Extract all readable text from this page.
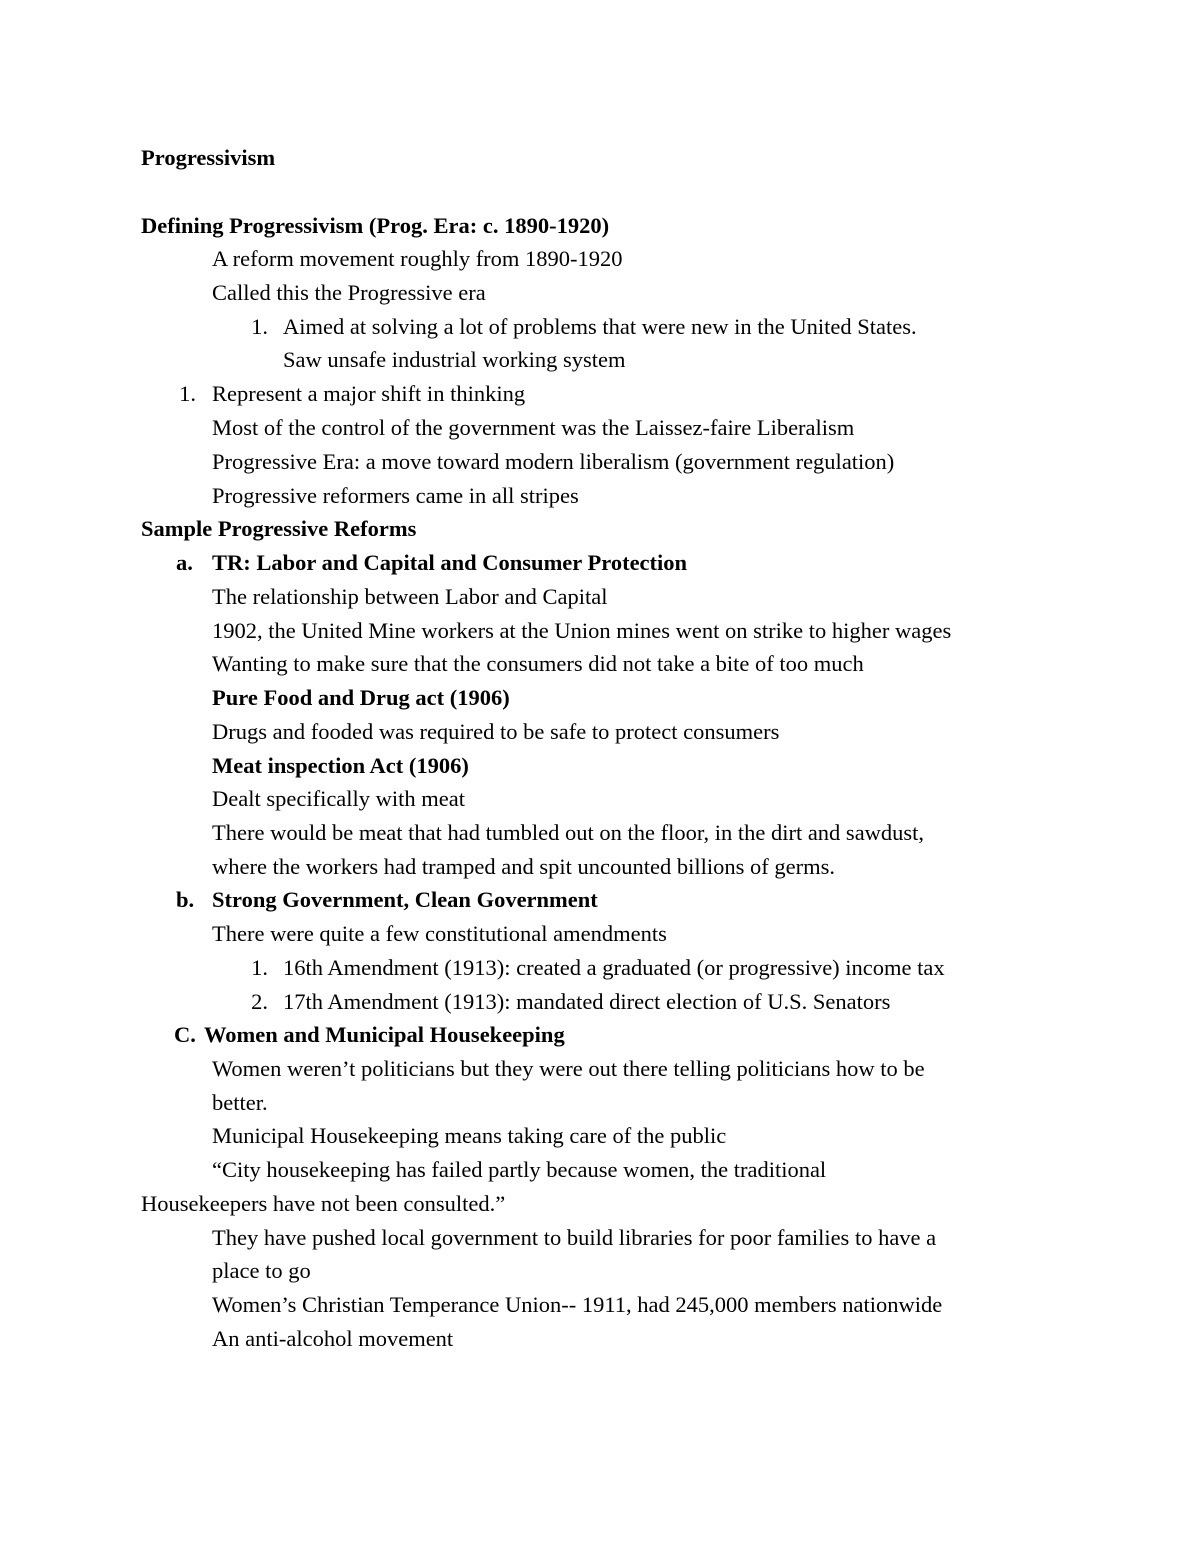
Progressivism
Defining Progressivism (Prog. Era: c. 1890-1920)
A reform movement roughly from 1890-1920
Called this the Progressive era
1. Aimed at solving a lot of problems that were new in the United States.
Saw unsafe industrial working system
1. Represent a major shift in thinking
Most of the control of the government was the Laissez-faire Liberalism
Progressive Era: a move toward modern liberalism (government regulation)
Progressive reformers came in all stripes
Sample Progressive Reforms
a. TR: Labor and Capital and Consumer Protection
The relationship between Labor and Capital
1902, the United Mine workers at the Union mines went on strike to higher wages
Wanting to make sure that the consumers did not take a bite of too much
Pure Food and Drug act (1906)
Drugs and fooded was required to be safe to protect consumers
Meat inspection Act (1906)
Dealt specifically with meat
There would be meat that had tumbled out on the floor, in the dirt and sawdust,
where the workers had tramped and spit uncounted billions of germs.
b. Strong Government, Clean Government
There were quite a few constitutional amendments
1. 16th Amendment (1913): created a graduated (or progressive) income tax
2. 17th Amendment (1913): mandated direct election of U.S. Senators
C. Women and Municipal Housekeeping
Women weren’t politicians but they were out there telling politicians how to be
better.
Municipal Housekeeping means taking care of the public
“City housekeeping has failed partly because women, the traditional
Housekeepers have not been consulted.”
They have pushed local government to build libraries for poor families to have a
place to go
Women’s Christian Temperance Union-- 1911, had 245,000 members nationwide
An anti-alcohol movement
